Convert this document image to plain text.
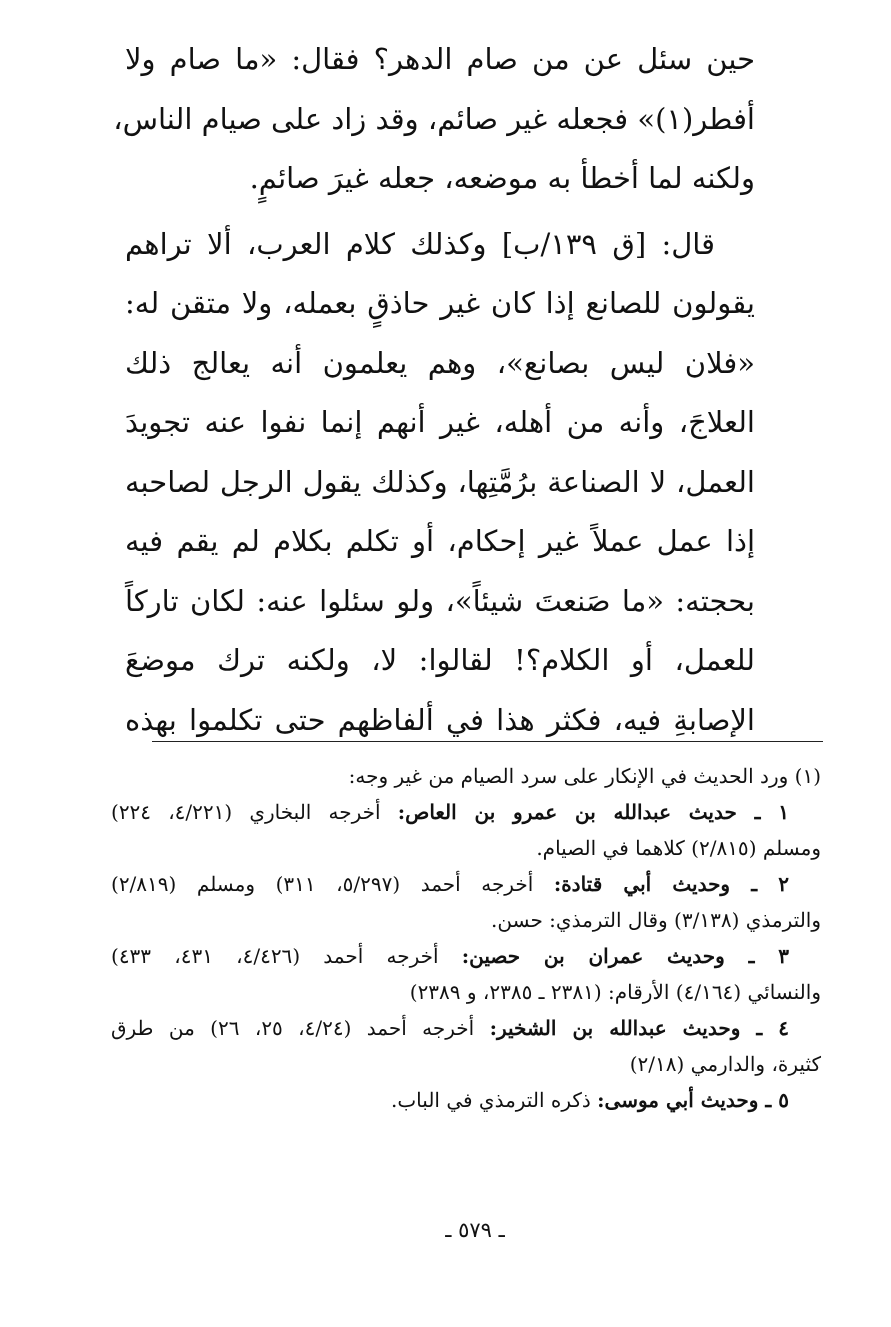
حين سئل عن من صام الدهر؟ فقال: «ما صام ولا
أفطر(١)» فجعله غير صائم، وقد زاد على صيام الناس،
ولكنه لما أخطأ به موضعه، جعله غيرَ صائمٍ.
قال: [ق ١٣٩/ب] وكذلك كلام العرب، ألا تراهم
يقولون للصانع إذا كان غير حاذقٍ بعمله، ولا متقن له:
«فلان ليس بصانع»، وهم يعلمون أنه يعالج ذلك
العلاجَ، وأنه من أهله، غير أنهم إنما نفوا عنه تجويدَ
العمل، لا الصناعة برُمَّتِها، وكذلك يقول الرجل لصاحبه
إذا عمل عملاً غير إحكام، أو تكلم بكلام لم يقم فيه
بحجته: «ما صَنعتَ شيئاً»، ولو سئلوا عنه: لكان تاركاً
للعمل، أو الكلام؟! لقالوا: لا، ولكنه ترك موضعَ
الإصابةِ فيه، فكثر هذا في ألفاظهم حتى تكلموا بهذه
(١) ورد الحديث في الإنكار على سرد الصيام من غير وجه:
١ ـ حديث عبدالله بن عمرو بن العاص: أخرجه البخاري (٤/٢٢١، ٢٢٤)
ومسلم (٢/٨١٥) كلاهما في الصيام.
٢ ـ وحديث أبي قتادة: أخرجه أحمد (٥/٢٩٧، ٣١١) ومسلم (٢/٨١٩)
والترمذي (٣/١٣٨) وقال الترمذي: حسن.
٣ ـ وحديث عمران بن حصين: أخرجه أحمد (٤/٤٢٦، ٤٣١، ٤٣٣)
والنسائي (٤/١٦٤) الأرقام: (٢٣٨١ ـ ٢٣٨٥، و ٢٣٨٩)
٤ ـ وحديث عبدالله بن الشخير: أخرجه أحمد (٤/٢٤، ٢٥، ٢٦) من طرق
كثيرة، والدارمي (٢/١٨)
٥ ـ وحديث أبي موسى: ذكره الترمذي في الباب.
ـ ٥٧٩ ـ
